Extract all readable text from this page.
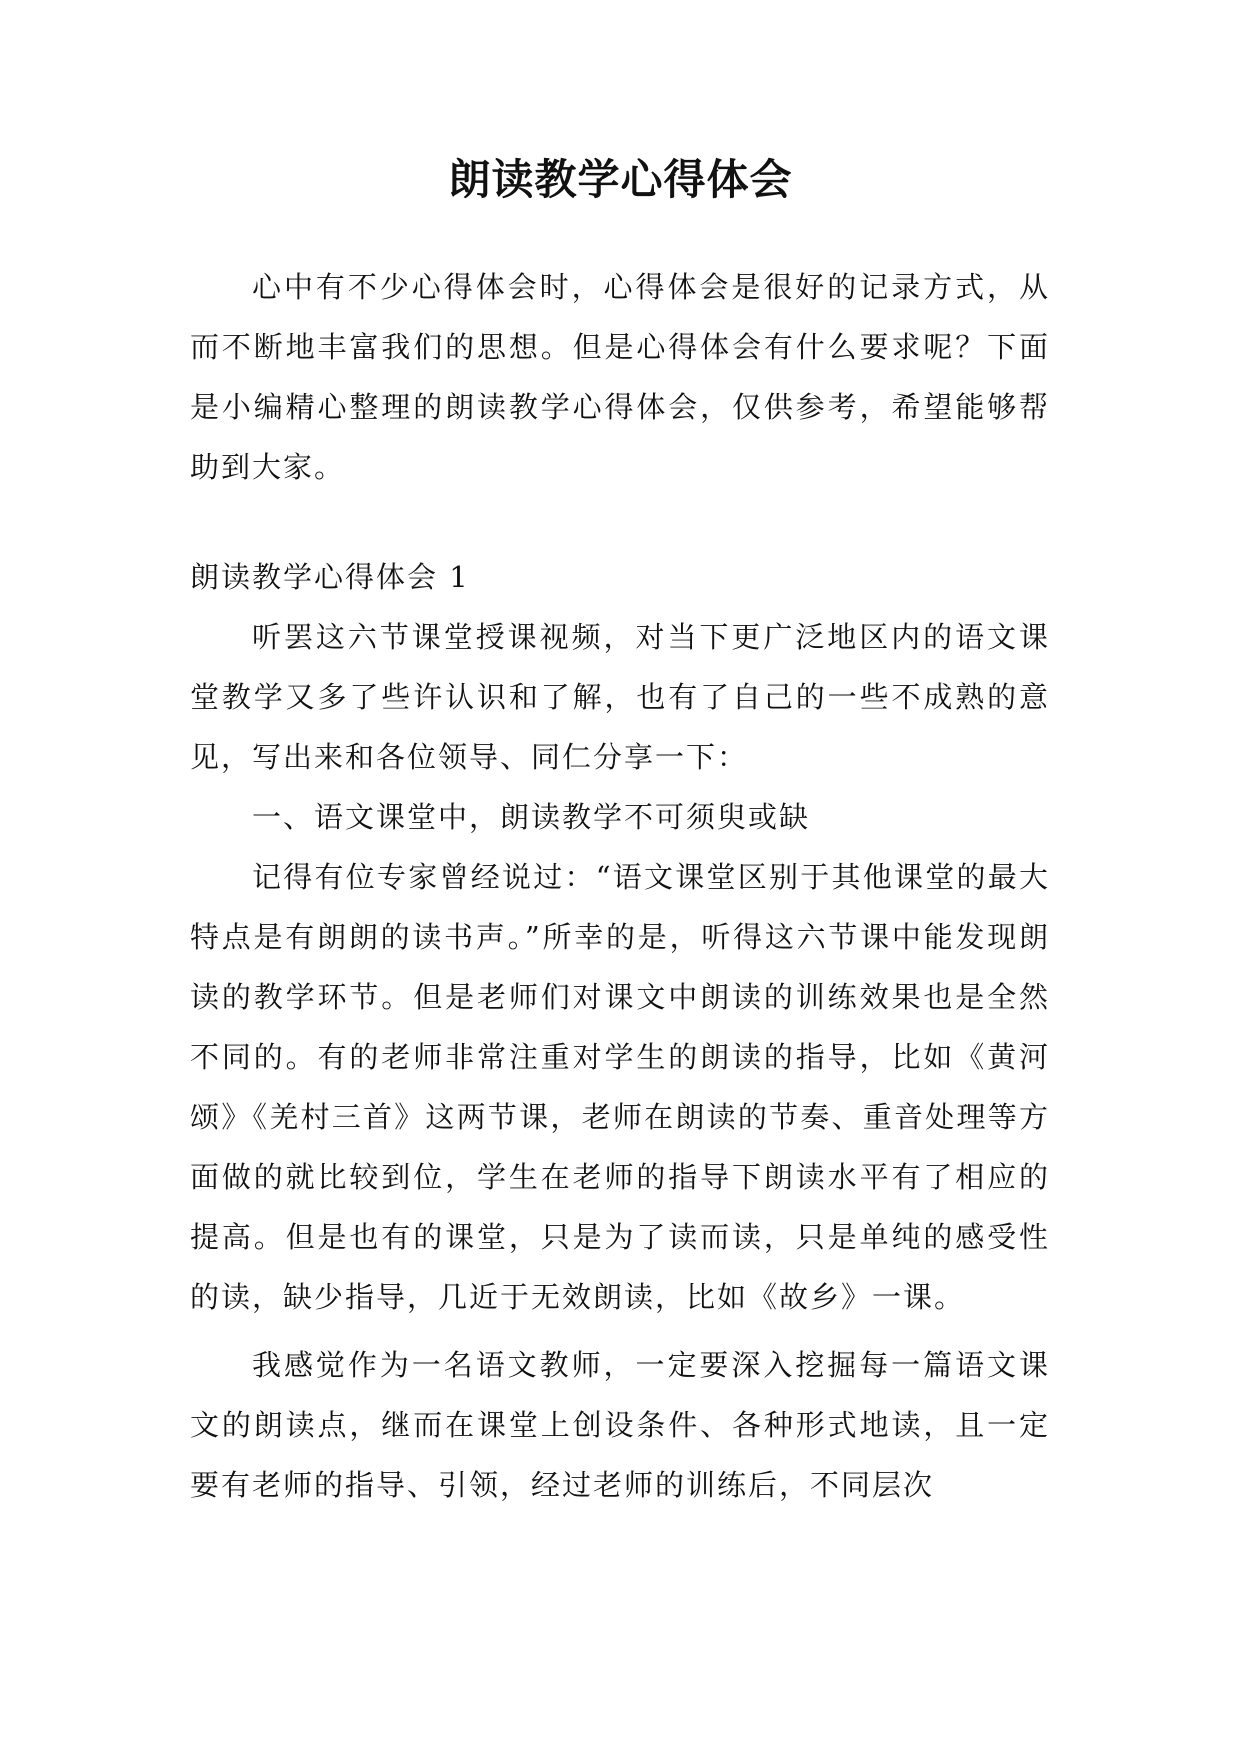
朗读教学心得体会

心中有不少心得体会时，心得体会是很好的记录方式，从而不断地丰富我们的思想。但是心得体会有什么要求呢？下面是小编精心整理的朗读教学心得体会，仅供参考，希望能够帮助到大家。

朗读教学心得体会 1

听罢这六节课堂授课视频，对当下更广泛地区内的语文课堂教学又多了些许认识和了解，也有了自己的一些不成熟的意见，写出来和各位领导、同仁分享一下：

一、语文课堂中，朗读教学不可须臾或缺

记得有位专家曾经说过：“语文课堂区别于其他课堂的最大特点是有朗朗的读书声。”所幸的是，听得这六节课中能发现朗读的教学环节。但是老师们对课文中朗读的训练效果也是全然不同的。有的老师非常注重对学生的朗读的指导，比如《黄河颂》《羌村三首》这两节课，老师在朗读的节奏、重音处理等方面做的就比较到位，学生在老师的指导下朗读水平有了相应的提高。但是也有的课堂，只是为了读而读，只是单纯的感受性的读，缺少指导，几近于无效朗读，比如《故乡》一课。

我感觉作为一名语文教师，一定要深入挖掘每一篇语文课文的朗读点，继而在课堂上创设条件、各种形式地读，且一定要有老师的指导、引领，经过老师的训练后，不同层次
